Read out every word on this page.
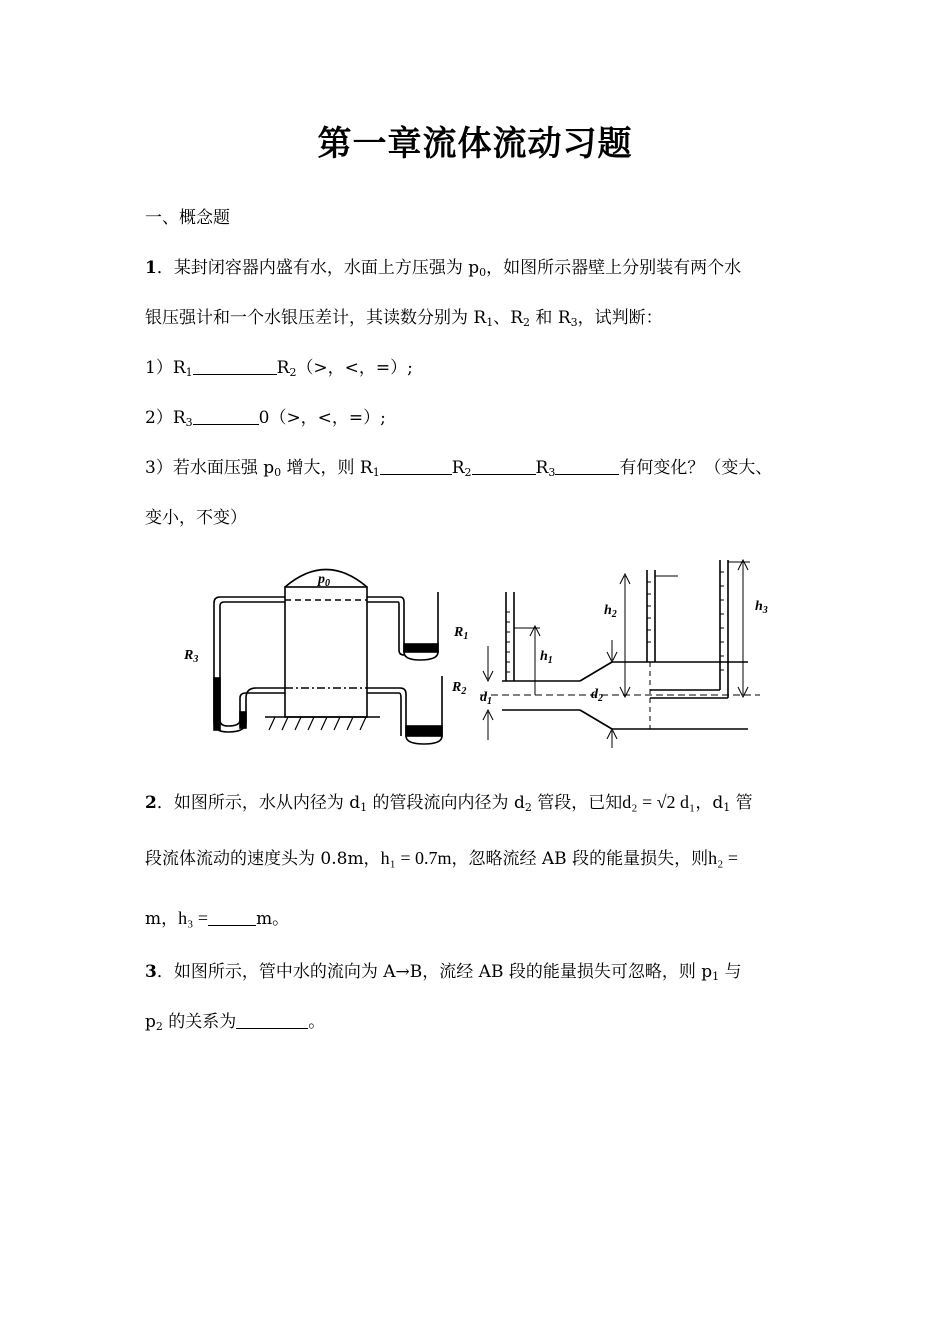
第一章流体流动习题
一、概念题
1．某封闭容器内盛有水，水面上方压强为 $p_0$，如图所示器壁上分别装有两个水
银压强计和一个水银压差计，其读数分别为 $R_1$、$R_2$ 和 $R_3$，试判断：
$1)R_1$	$R_2(>$，<，=）;
$2)R_3$	0（>，<，=）;
3）若水面压强 $p_0$ 增大，则 $R_1$	$R_2$	$R_3$	有何变化？（变大、
变小，不变）
$p_0$
$R_1$
$R_2$
$R_3$	$h_1$
$h_2$
$h_3$
$d_1$	$d_2$
2．如图所示，水从内径为 $d_1$ 的管段流向内径为 $d_2$ 管段，已知d₂ = √2 d₁，$d_1$ 管
段流体流动的速度头为 0.8m，h₁ = 0.7m，忽略流经 AB 段的能量损失，则h₂ =
m，h₃ =	m。
3．如图所示，管中水的流向为 A→B，流经 AB 段的能量损失可忽略，则 $p_1$ 与
$p_2$ 的关系为	。
